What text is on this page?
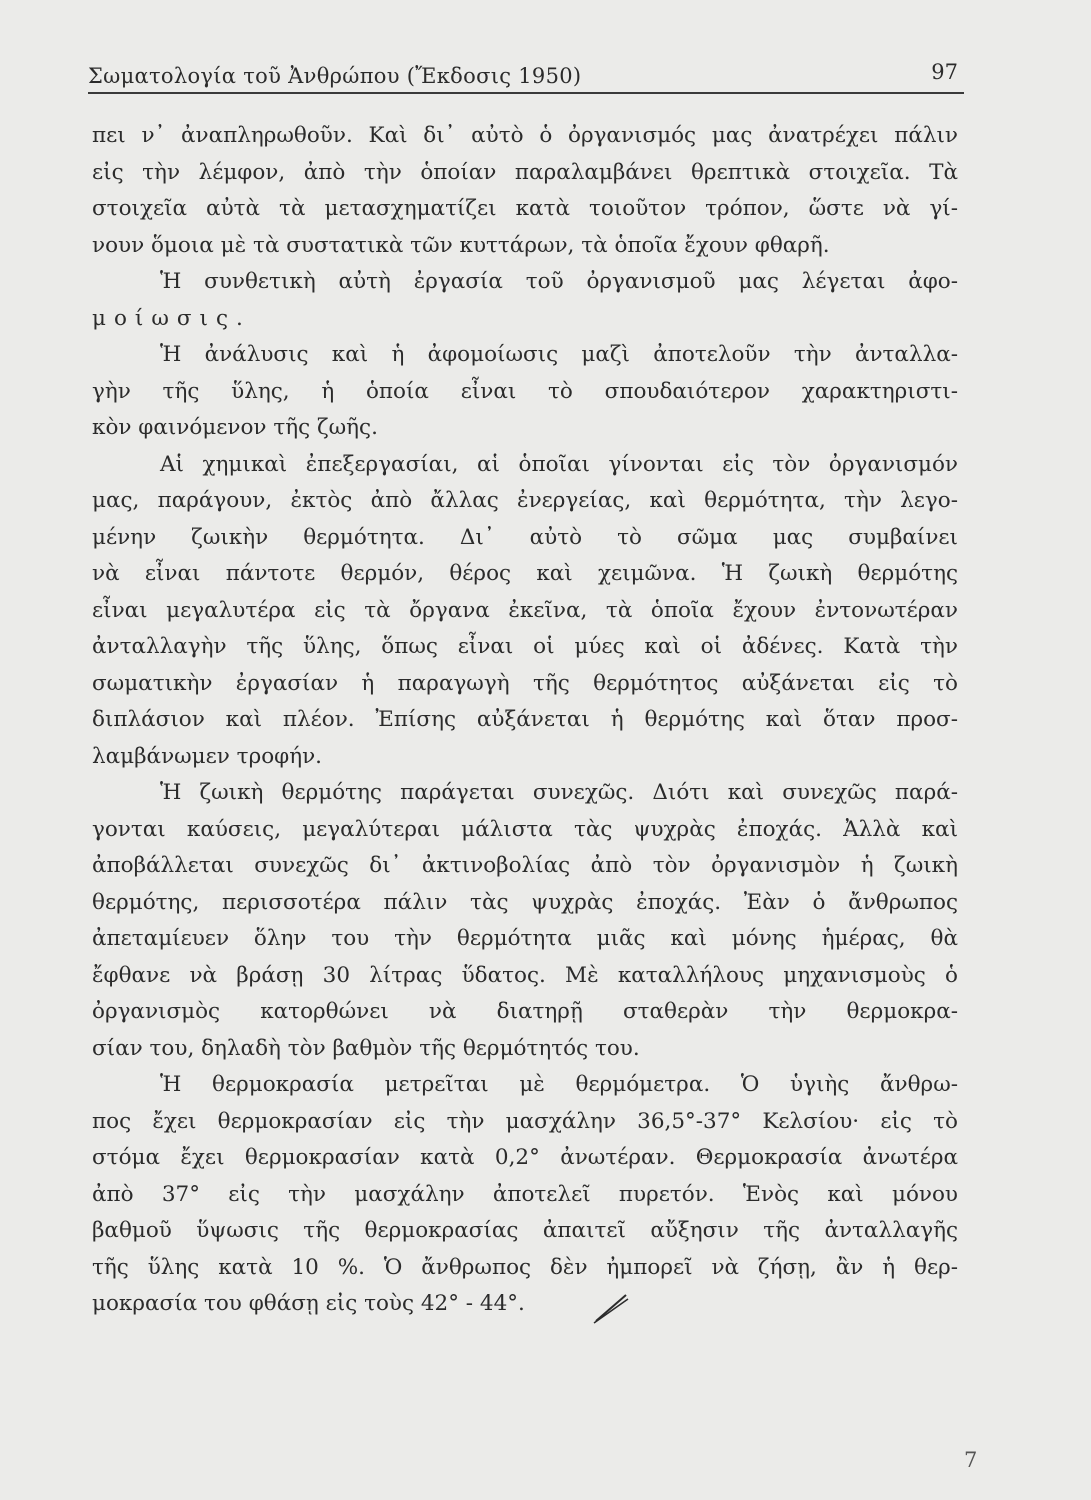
Σωματολογία τοῦ Ἀνθρώπου (Ἔκδοσις 1950)	97
πει ν᾿ ἀναπληρωθοῦν. Καὶ δι᾿ αὐτὸ ὁ ὀργανισμός μας ἀνατρέχει πάλιν
εἰς τὴν λέμφον, ἀπὸ τὴν ὁποίαν παραλαμβάνει θρεπτικὰ στοιχεῖα. Τὰ
στοιχεῖα αὐτὰ τὰ μετασχηματίζει κατὰ τοιοῦτον τρόπον, ὥστε νὰ γί-
νουν ὅμοια μὲ τὰ συστατικὰ τῶν κυττάρων, τὰ ὁποῖα ἔχουν φθαρῆ.
Ἡ συνθετικὴ αὐτὴ ἐργασία τοῦ ὀργανισμοῦ μας λέγεται ἀφο-
μοίωσις.
Ἡ ἀνάλυσις καὶ ἡ ἀφομοίωσις μαζὶ ἀποτελοῦν τὴν ἀνταλλα-
γὴν τῆς ὕλης, ἡ ὁποία εἶναι τὸ σπουδαιότερον χαρακτηριστι-
κὸν φαινόμενον τῆς ζωῆς.
Αἱ χημικαὶ ἐπεξεργασίαι, αἱ ὁποῖαι γίνονται εἰς τὸν ὀργανισμόν
μας, παράγουν, ἐκτὸς ἀπὸ ἄλλας ἐνεργείας, καὶ θερμότητα, τὴν λεγο-
μένην ζωικὴν θερμότητα. Δι᾿ αὐτὸ τὸ σῶμα μας συμβαίνει
νὰ εἶναι πάντοτε θερμόν, θέρος καὶ χειμῶνα. Ἡ ζωικὴ θερμότης
εἶναι μεγαλυτέρα εἰς τὰ ὄργανα ἐκεῖνα, τὰ ὁποῖα ἔχουν ἐντονωτέραν
ἀνταλλαγὴν τῆς ὕλης, ὅπως εἶναι οἱ μύες καὶ οἱ ἀδένες. Κατὰ τὴν
σωματικὴν ἐργασίαν ἡ παραγωγὴ τῆς θερμότητος αὐξάνεται εἰς τὸ
διπλάσιον καὶ πλέον. Ἐπίσης αὐξάνεται ἡ θερμότης καὶ ὅταν προσ-
λαμβάνωμεν τροφήν.
Ἡ ζωικὴ θερμότης παράγεται συνεχῶς. Διότι καὶ συνεχῶς παρά-
γονται καύσεις, μεγαλύτεραι μάλιστα τὰς ψυχρὰς ἐποχάς. Ἀλλὰ καὶ
ἀποβάλλεται συνεχῶς δι᾿ ἀκτινοβολίας ἀπὸ τὸν ὀργανισμὸν ἡ ζωικὴ
θερμότης, περισσοτέρα πάλιν τὰς ψυχρὰς ἐποχάς. Ἐὰν ὁ ἄνθρωπος
ἀπεταμίευεν ὅλην του τὴν θερμότητα μιᾶς καὶ μόνης ἡμέρας, θὰ
ἔφθανε νὰ βράσῃ 30 λίτρας ὕδατος. Μὲ καταλλήλους μηχανισμοὺς ὁ
ὀργανισμὸς κατορθώνει νὰ διατηρῇ σταθερὰν τὴν θερμοκρα-
σίαν του, δηλαδὴ τὸν βαθμὸν τῆς θερμότητός του.
Ἡ θερμοκρασία μετρεῖται μὲ θερμόμετρα. Ὁ ὑγιὴς ἄνθρω-
πος ἔχει θερμοκρασίαν εἰς τὴν μασχάλην 36,5°-37° Κελσίου· εἰς τὸ
στόμα ἔχει θερμοκρασίαν κατὰ 0,2° ἀνωτέραν. Θερμοκρασία ἀνωτέρα
ἀπὸ 37° εἰς τὴν μασχάλην ἀποτελεῖ πυρετόν. Ἑνὸς καὶ μόνου
βαθμοῦ ὕψωσις τῆς θερμοκρασίας ἀπαιτεῖ αὔξησιν τῆς ἀνταλλαγῆς
τῆς ὕλης κατὰ 10 %. Ὁ ἄνθρωπος δὲν ἠμπορεῖ νὰ ζήσῃ, ἂν ἡ θερ-
μοκρασία του φθάσῃ εἰς τοὺς 42° - 44°.
7
